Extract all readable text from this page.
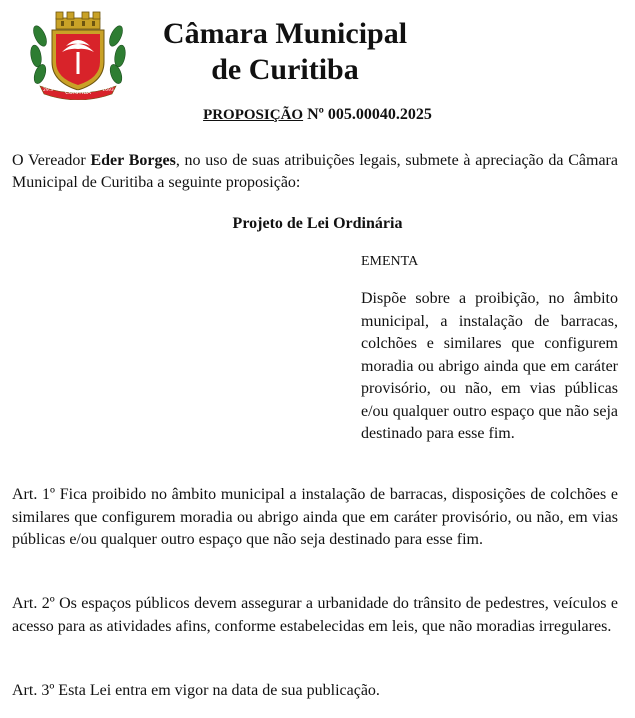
CURITIBA
29.3	1693
Câmara Municipal
de Curitiba
PROPOSIÇÃO Nº 005.00040.2025
O Vereador Eder Borges, no uso de suas atribuições legais, submete à apreciação da Câmara Municipal de Curitiba a seguinte proposição:
Projeto de Lei Ordinária
EMENTA
Dispõe sobre a proibição, no âmbito municipal, a instalação de barracas, colchões e similares que configurem moradia ou abrigo ainda que em caráter provisório, ou não, em vias públicas e/ou qualquer outro espaço que não seja destinado para esse fim.
Art. 1º Fica proibido no âmbito municipal a instalação de barracas, disposições de colchões e similares que configurem moradia ou abrigo ainda que em caráter provisório, ou não, em vias públicas e/ou qualquer outro espaço que não seja destinado para esse fim.
Art. 2º Os espaços públicos devem assegurar a urbanidade do trânsito de pedestres, veículos e acesso para as atividades afins, conforme estabelecidas em leis, que não moradias irregulares.
Art. 3º Esta Lei entra em vigor na data de sua publicação.
